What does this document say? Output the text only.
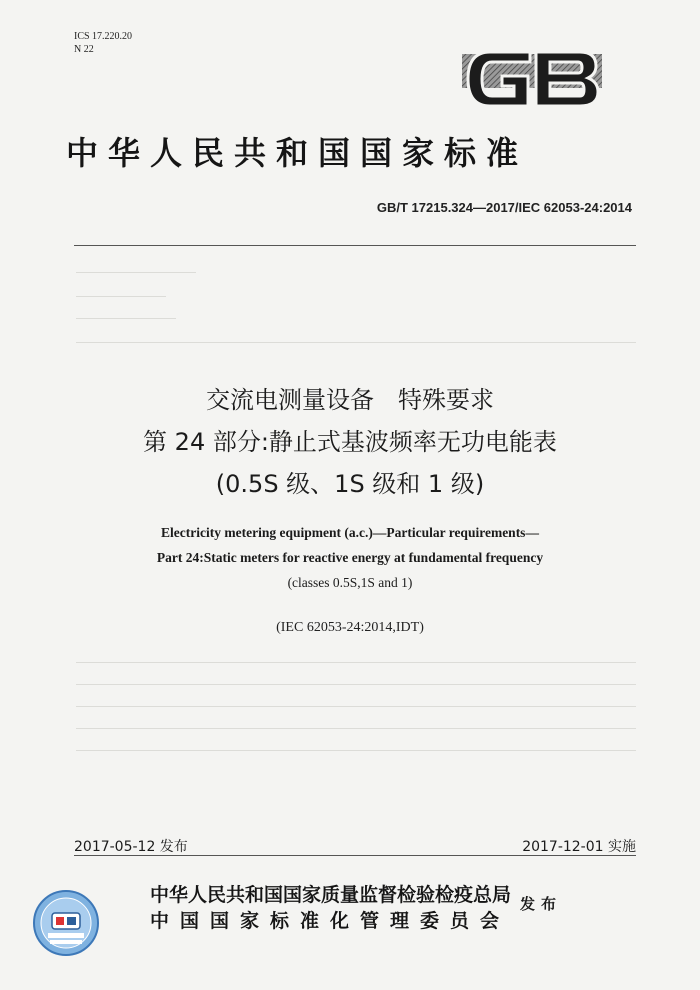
ICS 17.220.20
N 22
中华人民共和国国家标准
GB/T 17215.324—2017/IEC 62053-24:2014
交流电测量设备　特殊要求
第 24 部分:静止式基波频率无功电能表
(0.5S 级、1S 级和 1 级)
Electricity metering equipment (a.c.)—Particular requirements—
Part 24:Static meters for reactive energy at fundamental frequency
(classes 0.5S,1S and 1)
(IEC 62053-24:2014,IDT)
2017-05-12 发布	2017-12-01 实施
中华人民共和国国家质量监督检验检疫总局
中国国家标准化管理委员会
发布
